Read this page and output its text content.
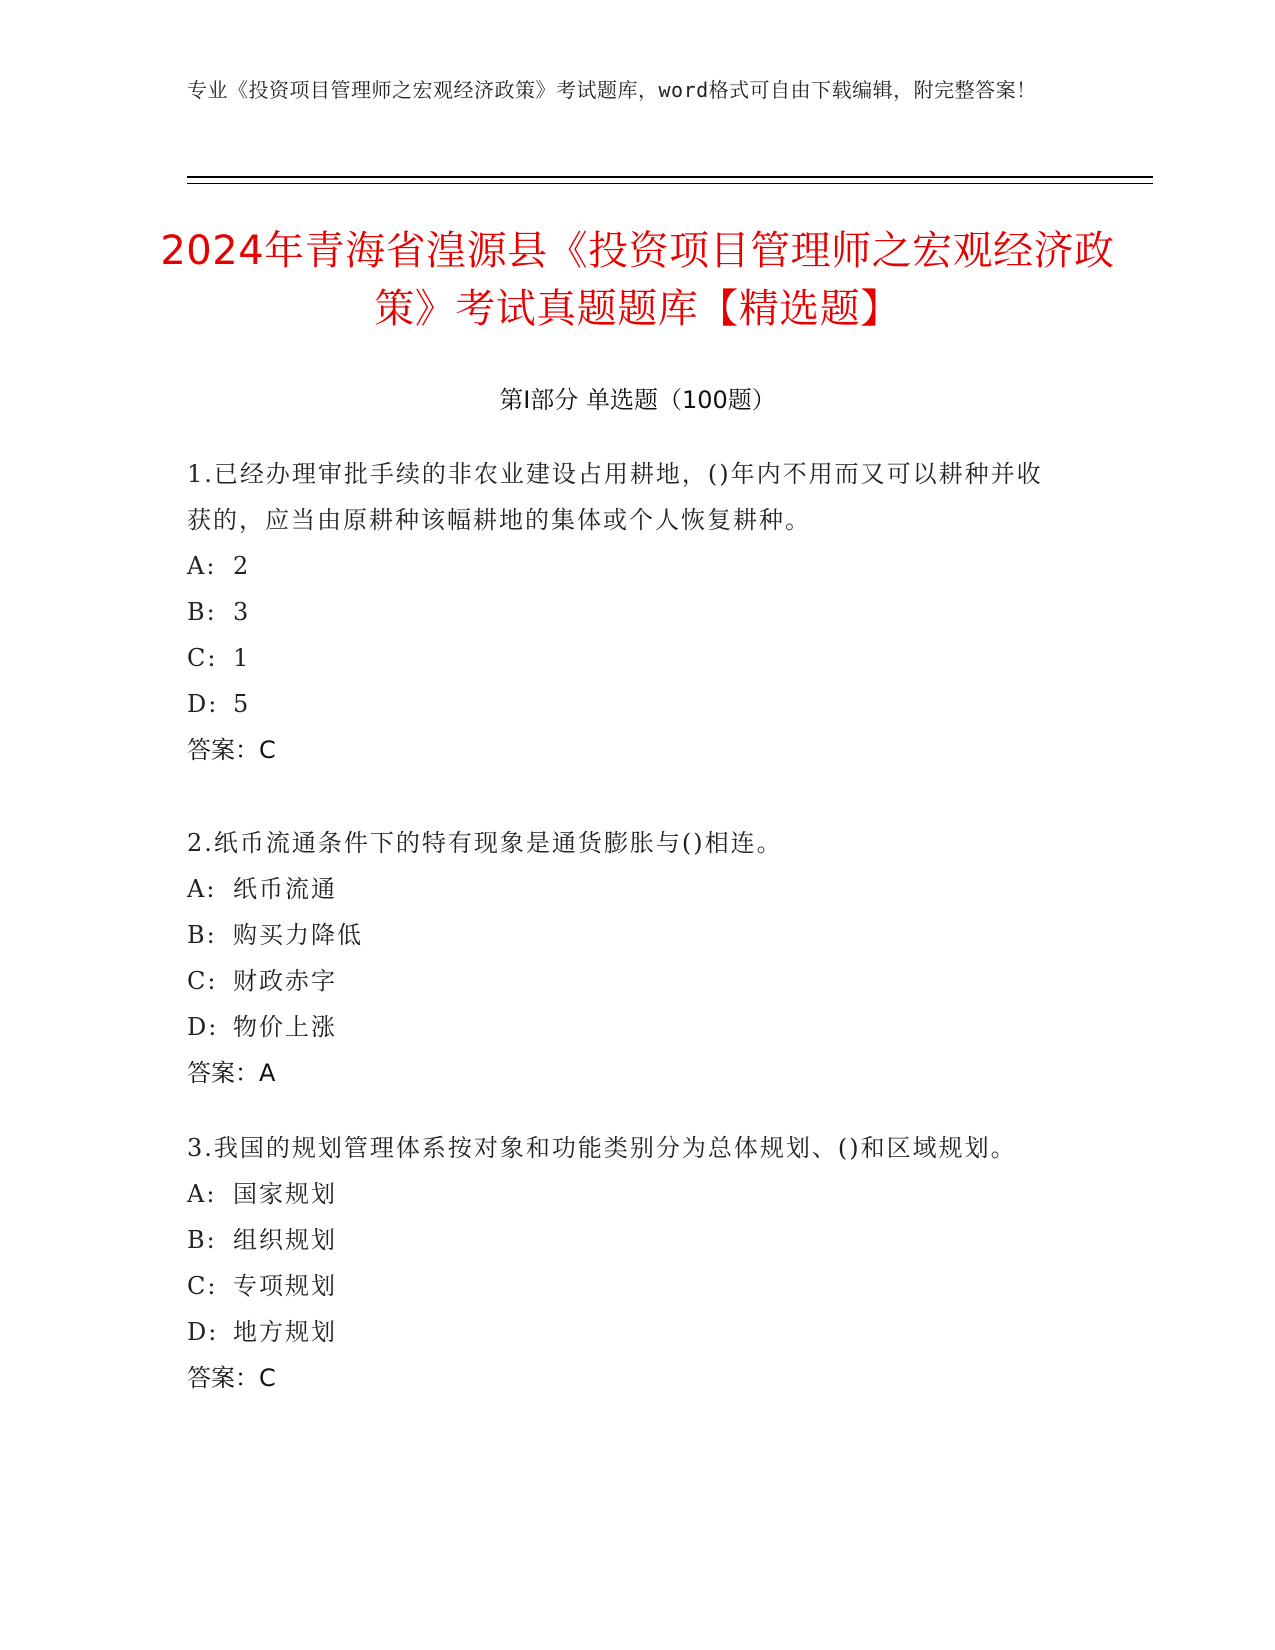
专业《投资项目管理师之宏观经济政策》考试题库，word格式可自由下载编辑，附完整答案！
2024年青海省湟源县《投资项目管理师之宏观经济政策》考试真题题库【精选题】
第Ⅰ部分 单选题（100题）
1.已经办理审批手续的非农业建设占用耕地，()年内不用而又可以耕种并收获的，应当由原耕种该幅耕地的集体或个人恢复耕种。
A: 2
B: 3
C: 1
D: 5
答案：C
2.纸币流通条件下的特有现象是通货膨胀与()相连。
A: 纸币流通
B: 购买力降低
C: 财政赤字
D: 物价上涨
答案：A
3.我国的规划管理体系按对象和功能类别分为总体规划、()和区域规划。
A: 国家规划
B: 组织规划
C: 专项规划
D: 地方规划
答案：C
